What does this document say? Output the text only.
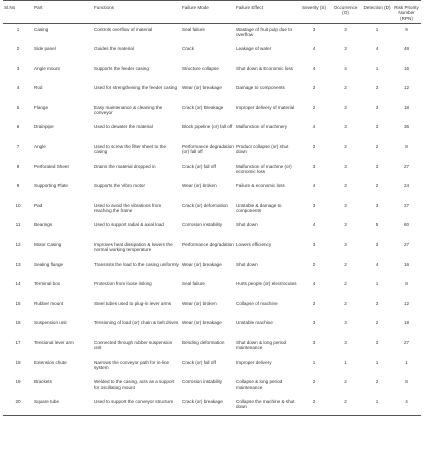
Sl.No	Part	Functions	Failure Mode	Failure Effect	Severity (S)	Occurrence (O)	Detection (D)	Risk Priority Number (RPN)
1	Casing	Controls overflow of material	Seal failure	Wastage of fruit pulp due to overflow	3	3	1	9
2	Side panel	Guides the material	Crack	Leakage of water	4	3	4	48
3	Angle mount	Supports the feeder casing	Structure collapse	Shut down & Economic loss	4	4	1	16
4	Rod	Used for strengthening the feeder casing	Wear (or) breakage	Damage to components	2	2	3	12
5	Flange	Easy maintenance & cleaning the conveyor	Crack (or) Breakage	Improper delivery of material	2	3	3	18
6	Drainpipe	Used to dewater the material	Block pipeline (or) fall off	Malfunction of machinery	4	3	3	36
7	Angle	Used to screw the filter sheet to the casing	Performance degradation (or) fall off	Product collapse (or) shut down	2	2	2	8
8	Perforated Sheet	Drains the material dropped in	Crack (or) fall off	Malfunction of machine (or) economic loss	3	3	3	27
9	Supporting Plate	Supports the Vibro motor	Wear (or) broken	Failure & economic loss	4	3	2	24
10	Pad	Used to avoid the vibrations from reaching the frame	Crack (or) deformation	Unstable & damage to components	3	3	3	27
11	Bearings	Used to support radial & axial load	Corrosion instability	Shut down	4	3	5	60
12	Motor Casing	Improves heat dissipation & lowers the normal working temperature	Performance degradation	Lowers efficiency	3	3	3	27
13	Sealing flange	Transmits the load to the casing uniformly	Wear (or) breakage	Shut down	2	2	4	16
14	Terminal box	Protection from loose linking	Seal failure	Hurts people (or) electrocutes	4	2	1	8
15	Rubber mount	Steel tubes used to plug-in lever arms	Wear (or) broken	Collapse of machine	2	2	3	12
16	Suspension unit	Tensioning of load (or) chain & belt drives	Wear (or) breakage	Unstable machine	3	3	2	18
17	Tensional lever arm	Connected through rubber suspension unit	Bending deformation	Shut down & long period maintenance	3	3	3	27
18	Extension chute	Narrows the conveyor path for in-line system	Crack (or) fall off	Improper delivery	1	1	1	1
19	Brackets	Welded to the casing, acts as a support for oscillating mount	Corrosion instability	Collapse & long period maintenance	2	2	2	8
20	Square tube	Used to support the conveyor structure	Crack (or) breakage	Collapse the machine & shut down	2	2	1	4
